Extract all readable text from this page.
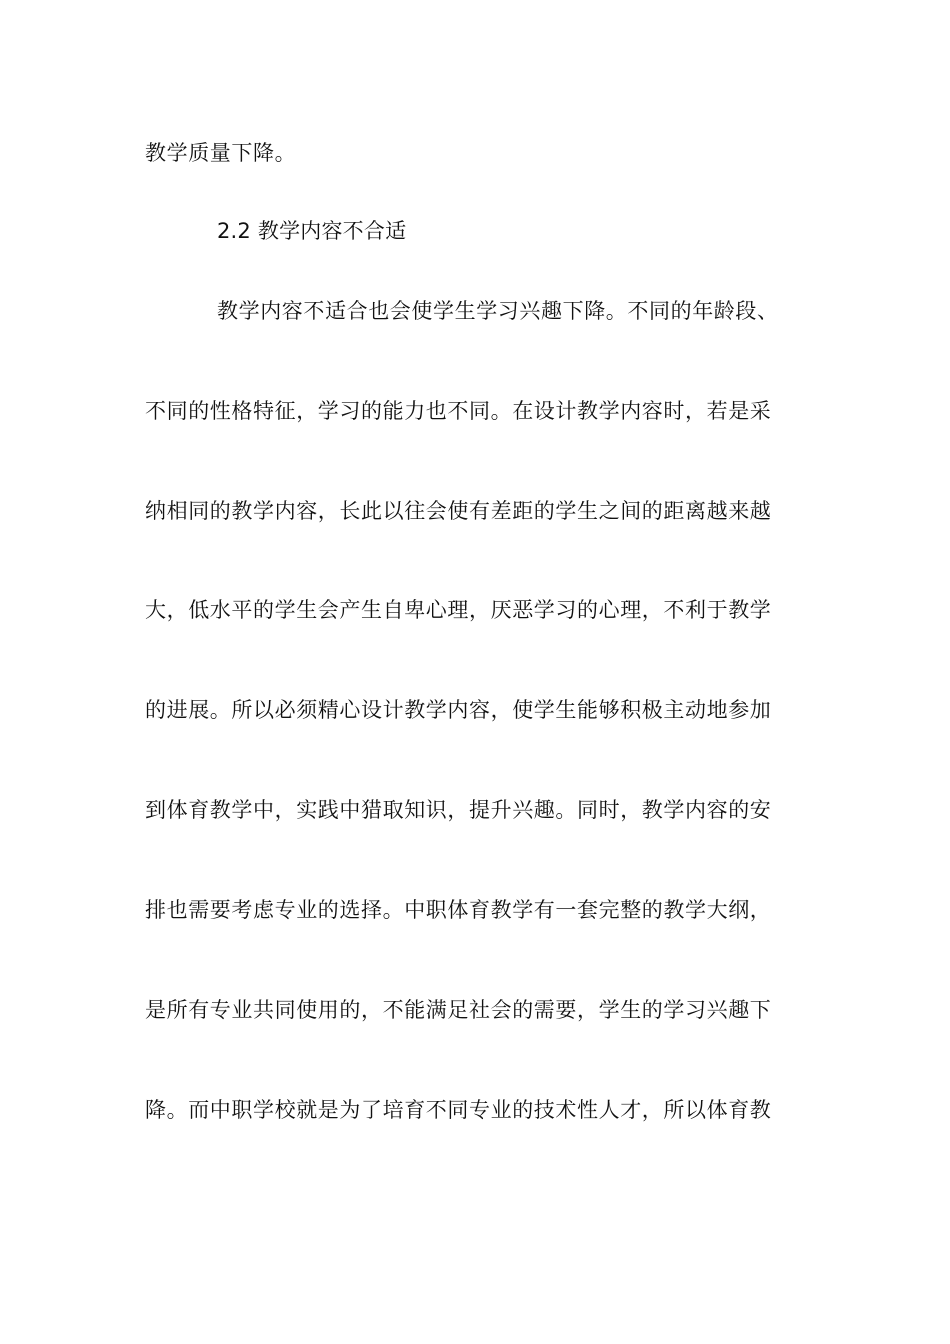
教学质量下降。
2.2 教学内容不合适
教学内容不适合也会使学生学习兴趣下降。不同的年龄段、
不同的性格特征，学习的能力也不同。在设计教学内容时，若是采
纳相同的教学内容，长此以往会使有差距的学生之间的距离越来越
大，低水平的学生会产生自卑心理，厌恶学习的心理，不利于教学
的进展。所以必须精心设计教学内容，使学生能够积极主动地参加
到体育教学中，实践中猎取知识，提升兴趣。同时，教学内容的安
排也需要考虑专业的选择。中职体育教学有一套完整的教学大纲，
是所有专业共同使用的，不能满足社会的需要，学生的学习兴趣下
降。而中职学校就是为了培育不同专业的技术性人才，所以体育教
